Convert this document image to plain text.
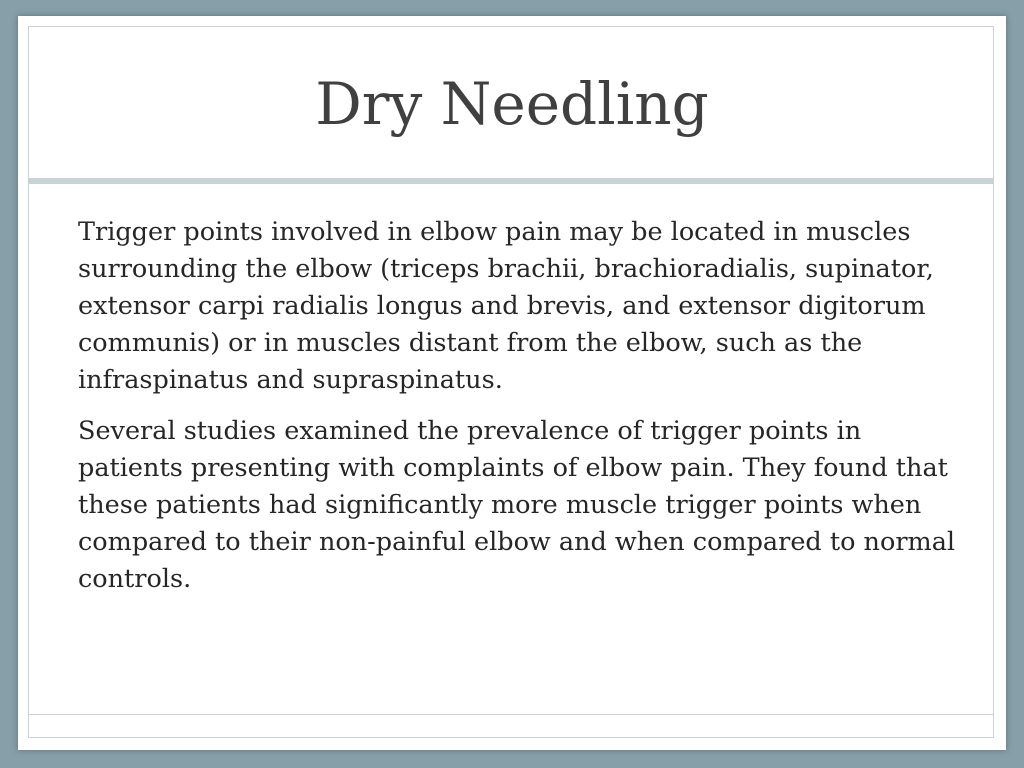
Dry Needling

Trigger points involved in elbow pain may be located in muscles surrounding the elbow (triceps brachii, brachioradialis, supinator, extensor carpi radialis longus and brevis, and extensor digitorum communis) or in muscles distant from the elbow, such as the infraspinatus and supraspinatus.

Several studies examined the prevalence of trigger points in patients presenting with complaints of elbow pain. They found that these patients had significantly more muscle trigger points when compared to their non-painful elbow and when compared to normal controls.
